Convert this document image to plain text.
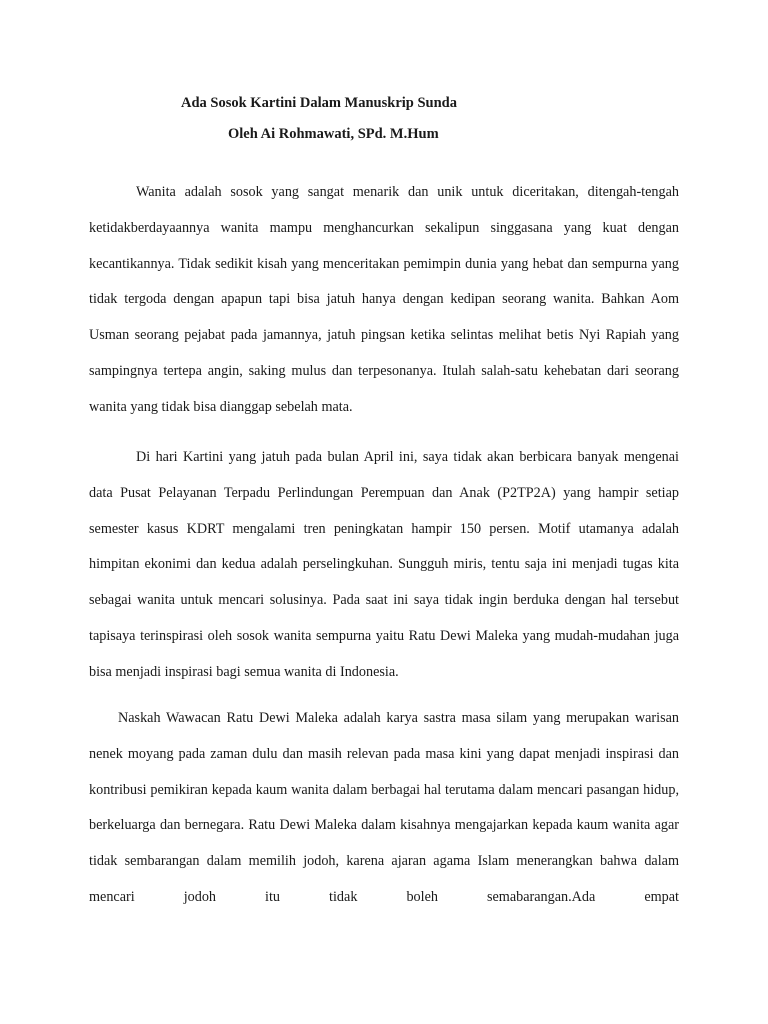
Ada Sosok Kartini Dalam Manuskrip Sunda
Oleh Ai Rohmawati, SPd. M.Hum

Wanita adalah sosok yang sangat menarik dan unik untuk diceritakan, ditengah-tengah ketidakberdayaannya wanita mampu menghancurkan sekalipun singgasana yang kuat dengan kecantikannya. Tidak sedikit kisah yang menceritakan pemimpin dunia yang hebat dan sempurna yang tidak tergoda dengan apapun tapi bisa jatuh hanya dengan kedipan seorang wanita. Bahkan Aom Usman seorang pejabat pada jamannya, jatuh pingsan ketika selintas melihat betis Nyi Rapiah yang sampingnya tertepa angin, saking mulus dan terpesonanya. Itulah salah-satu kehebatan dari seorang wanita yang tidak bisa dianggap sebelah mata.

Di hari Kartini yang jatuh pada bulan April ini, saya tidak akan berbicara banyak mengenai data Pusat Pelayanan Terpadu Perlindungan Perempuan dan Anak (P2TP2A) yang hampir setiap semester kasus KDRT mengalami tren peningkatan hampir 150 persen. Motif utamanya adalah himpitan ekonimi dan kedua adalah perselingkuhan. Sungguh miris, tentu saja ini menjadi tugas kita sebagai wanita untuk mencari solusinya. Pada saat ini saya tidak ingin berduka dengan hal tersebut tapisaya terinspirasi oleh sosok wanita sempurna yaitu Ratu Dewi Maleka yang mudah-mudahan juga bisa menjadi inspirasi bagi semua wanita di Indonesia.

Naskah Wawacan Ratu Dewi Maleka adalah karya sastra masa silam yang merupakan warisan nenek moyang pada zaman dulu dan masih relevan pada masa kini yang dapat menjadi inspirasi dan kontribusi pemikiran kepada kaum wanita dalam berbagai hal terutama dalam mencari pasangan hidup, berkeluarga dan bernegara. Ratu Dewi Maleka dalam kisahnya mengajarkan kepada kaum wanita agar tidak sembarangan dalam memilih jodoh, karena ajaran agama Islam menerangkan bahwa dalam mencari jodoh itu tidak boleh semabarangan.Ada empat
